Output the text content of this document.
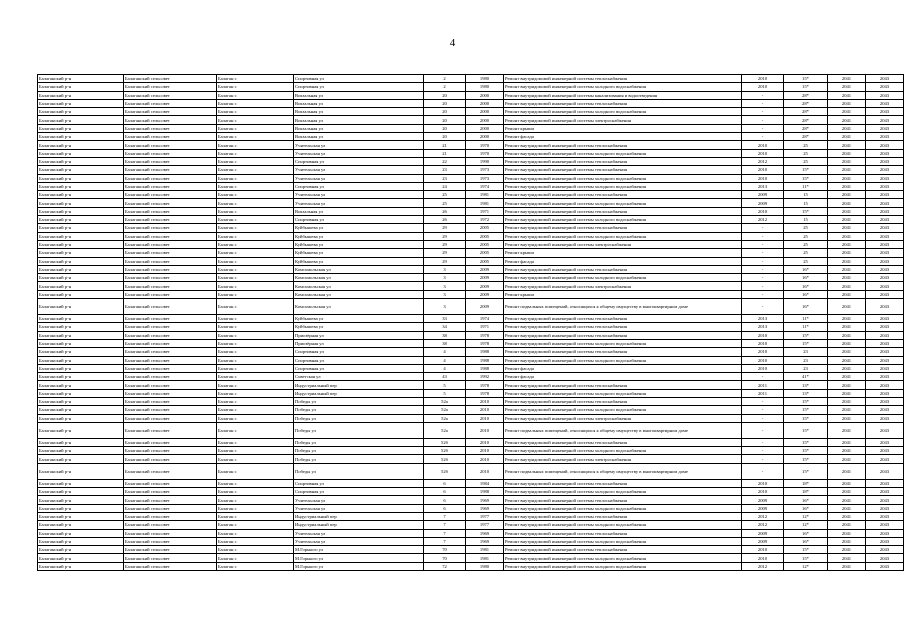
4
Балаганский р-н	Балаганский сельсовет	Балаган с	Спортивная ул	2	1980	Ремонт внутридомовой инженерной системы теплоснабжения	2010	15*	2041	2043
Балаганский р-н	Балаганский сельсовет	Балаган с	Спортивная ул	2	1980	Ремонт внутридомовой инженерной системы холодного водоснабжения	2010	15*	2041	2043
Балаганский р-н	Балаганский сельсовет	Балаган с	Вокзальная ул	20	2000	Ремонт внутридомовой инженерной системы канализования и водоотведения	-	28*	2041	2043
Балаганский р-н	Балаганский сельсовет	Балаган с	Вокзальная ул	20	2000	Ремонт внутридомовой инженерной системы теплоснабжения	-	28*	2041	2043
Балаганский р-н	Балаганский сельсовет	Балаган с	Вокзальная ул	20	2000	Ремонт внутридомовой инженерной системы холодного водоснабжения	-	28*	2041	2043
Балаганский р-н	Балаганский сельсовет	Балаган с	Вокзальная ул	20	2000	Ремонт внутридомовой инженерной системы электроснабжения	-	28*	2041	2043
Балаганский р-н	Балаганский сельсовет	Балаган с	Вокзальная ул	20	2000	Ремонт крыши	-	28*	2041	2043
Балаганский р-н	Балаганский сельсовет	Балаган с	Вокзальная ул	20	2000	Ремонт фасада	-	28*	2041	2043
Балаганский р-н	Балаганский сельсовет	Балаган с	Учительская ул	21	1970	Ремонт внутридомовой инженерной системы теплоснабжения	2010	25	2041	2043
Балаганский р-н	Балаганский сельсовет	Балаган с	Учительская ул	21	1970	Ремонт внутридомовой инженерной системы холодного водоснабжения	2010	25	2041	2043
Балаганский р-н	Балаганский сельсовет	Балаган с	Спортивная ул	22	1990	Ремонт внутридомовой инженерной системы теплоснабжения	2012	25	2041	2043
Балаганский р-н	Балаганский сельсовет	Балаган с	Учительская ул	23	1973	Ремонт внутридомовой инженерной системы теплоснабжения	2010	15*	2041	2043
Балаганский р-н	Балаганский сельсовет	Балаган с	Учительская ул	23	1973	Ремонт внутридомовой инженерной системы холодного водоснабжения	2010	15*	2041	2043
Балаганский р-н	Балаганский сельсовет	Балаган с	Спортивная ул	24	1974	Ремонт внутридомовой инженерной системы холодного водоснабжения	2013	11*	2041	2043
Балаганский р-н	Балаганский сельсовет	Балаган с	Учительская ул	25	1981	Ремонт внутридомовой инженерной системы теплоснабжения	2009	15	2041	2043
Балаганский р-н	Балаганский сельсовет	Балаган с	Учительская ул	25	1981	Ремонт внутридомовой инженерной системы холодного водоснабжения	2009	15	2041	2043
Балаганский р-н	Балаганский сельсовет	Балаган с	Вокзальная ул	26	1971	Ремонт внутридомовой инженерной системы теплоснабжения	2010	15*	2041	2043
Балаганский р-н	Балаганский сельсовет	Балаган с	Спортивная ул	26	1972	Ремонт внутридомовой инженерной системы холодного водоснабжения	2012	15	2041	2043
Балаганский р-н	Балаганский сельсовет	Балаган с	Куйбышева ул	29	2005	Ремонт внутридомовой инженерной системы теплоснабжения	-	25	2041	2043
Балаганский р-н	Балаганский сельсовет	Балаган с	Куйбышева ул	29	2005	Ремонт внутридомовой инженерной системы холодного водоснабжения	-	25	2041	2043
Балаганский р-н	Балаганский сельсовет	Балаган с	Куйбышева ул	29	2005	Ремонт внутридомовой инженерной системы электроснабжения	-	25	2041	2043
Балаганский р-н	Балаганский сельсовет	Балаган с	Куйбышева ул	29	2005	Ремонт крыши	-	25	2041	2043
Балаганский р-н	Балаганский сельсовет	Балаган с	Куйбышева ул	29	2005	Ремонт фасада	-	25	2041	2043
Балаганский р-н	Балаганский сельсовет	Балаган с	Комсомольская ул	3	2009	Ремонт внутридомовой инженерной системы теплоснабжения	-	16*	2041	2043
Балаганский р-н	Балаганский сельсовет	Балаган с	Комсомольская ул	3	2009	Ремонт внутридомовой инженерной системы холодного водоснабжения	-	16*	2041	2043
Балаганский р-н	Балаганский сельсовет	Балаган с	Комсомольская ул	3	2009	Ремонт внутридомовой инженерной системы электроснабжения	-	16*	2041	2043
Балаганский р-н	Балаганский сельсовет	Балаган с	Комсомольская ул	3	2009	Ремонт крыши	-	16*	2041	2043
Балаганский р-н	Балаганский сельсовет	Балаган с	Комсомольская ул	3	2009	Ремонт подвальных помещений, относящихся к общему имуществу в многоквартирном доме	-	16*	2041	2043
Балаганский р-н	Балаганский сельсовет	Балаган с	Куйбышева ул	33	1974	Ремонт внутридомовой инженерной системы теплоснабжения	2013	11*	2041	2043
Балаганский р-н	Балаганский сельсовет	Балаган с	Куйбышева ул	34	1971	Ремонт внутридомовой инженерной системы теплоснабжения	2013	11*	2041	2043
Балаганский р-н	Балаганский сельсовет	Балаган с	Приозёрная ул	38	1978	Ремонт внутридомовой инженерной системы теплоснабжения	2010	15*	2041	2043
Балаганский р-н	Балаганский сельсовет	Балаган с	Приозёрная ул	38	1978	Ремонт внутридомовой инженерной системы холодного водоснабжения	2010	15*	2041	2043
Балаганский р-н	Балаганский сельсовет	Балаган с	Спортивная ул	4	1988	Ремонт внутридомовой инженерной системы теплоснабжения	2010	23	2041	2043
Балаганский р-н	Балаганский сельсовет	Балаган с	Спортивная ул	4	1988	Ремонт внутридомовой инженерной системы холодного водоснабжения	2010	23	2041	2043
Балаганский р-н	Балаганский сельсовет	Балаган с	Спортивная ул	4	1988	Ремонт фасада	2010	23	2041	2043
Балаганский р-н	Балаганский сельсовет	Балаган с	Советская ул	43	1992	Ремонт фасада	-	41*	2041	2043
Балаганский р-н	Балаганский сельсовет	Балаган с	Индустриальный пер	5	1978	Ремонт внутридомовой инженерной системы теплоснабжения	2011	13*	2041	2043
Балаганский р-н	Балаганский сельсовет	Балаган с	Индустриальный пер	5	1978	Ремонт внутридомовой инженерной системы холодного водоснабжения	2011	13*	2041	2043
Балаганский р-н	Балаганский сельсовет	Балаган с	Победы ул	52а	2010	Ремонт внутридомовой инженерной системы теплоснабжения	-	15*	2041	2043
Балаганский р-н	Балаганский сельсовет	Балаган с	Победы ул	52а	2010	Ремонт внутридомовой инженерной системы холодного водоснабжения	-	15*	2041	2043
Балаганский р-н	Балаганский сельсовет	Балаган с	Победы ул	52а	2010	Ремонт внутридомовой инженерной системы электроснабжения	-	15*	2041	2043
Балаганский р-н	Балаганский сельсовет	Балаган с	Победы ул	52а	2010	Ремонт подвальных помещений, относящихся к общему имуществу в многоквартирном доме	-	15*	2041	2043
Балаганский р-н	Балаганский сельсовет	Балаган с	Победы ул	52б	2010	Ремонт внутридомовой инженерной системы теплоснабжения	-	15*	2041	2043
Балаганский р-н	Балаганский сельсовет	Балаган с	Победы ул	52б	2010	Ремонт внутридомовой инженерной системы холодного водоснабжения	-	15*	2041	2043
Балаганский р-н	Балаганский сельсовет	Балаган с	Победы ул	52б	2010	Ремонт внутридомовой инженерной системы электроснабжения	-	15*	2041	2043
Балаганский р-н	Балаганский сельсовет	Балаган с	Победы ул	52б	2010	Ремонт подвальных помещений, относящихся к общему имуществу в многоквартирном доме	-	15*	2041	2043
Балаганский р-н	Балаганский сельсовет	Балаган с	Спортивная ул	6	1984	Ремонт внутридомовой инженерной системы теплоснабжения	2010	18*	2041	2043
Балаганский р-н	Балаганский сельсовет	Балаган с	Спортивная ул	6	1988	Ремонт внутридомовой инженерной системы холодного водоснабжения	2010	18*	2041	2043
Балаганский р-н	Балаганский сельсовет	Балаган с	Учительская ул	6	1969	Ремонт внутридомовой инженерной системы теплоснабжения	2009	16*	2041	2043
Балаганский р-н	Балаганский сельсовет	Балаган с	Учительская ул	6	1969	Ремонт внутридомовой инженерной системы холодного водоснабжения	2009	16*	2041	2043
Балаганский р-н	Балаганский сельсовет	Балаган с	Индустриальный пер	7	1977	Ремонт внутридомовой инженерной системы теплоснабжения	2012	12*	2041	2043
Балаганский р-н	Балаганский сельсовет	Балаган с	Индустриальный пер	7	1977	Ремонт внутридомовой инженерной системы холодного водоснабжения	2012	12*	2041	2043
Балаганский р-н	Балаганский сельсовет	Балаган с	Учительская ул	7	1969	Ремонт внутридомовой инженерной системы теплоснабжения	2009	16*	2041	2043
Балаганский р-н	Балаганский сельсовет	Балаган с	Учительская ул	7	1969	Ремонт внутридомовой инженерной системы холодного водоснабжения	2009	16*	2041	2043
Балаганский р-н	Балаганский сельсовет	Балаган с	М.Горького ул	70	1981	Ремонт внутридомовой инженерной системы теплоснабжения	2010	15*	2041	2043
Балаганский р-н	Балаганский сельсовет	Балаган с	М.Горького ул	70	1981	Ремонт внутридомовой инженерной системы холодного водоснабжения	2010	15*	2041	2043
Балаганский р-н	Балаганский сельсовет	Балаган с	М.Горького ул	72	1980	Ремонт внутридомовой инженерной системы холодного водоснабжения	2012	12*	2041	2043
